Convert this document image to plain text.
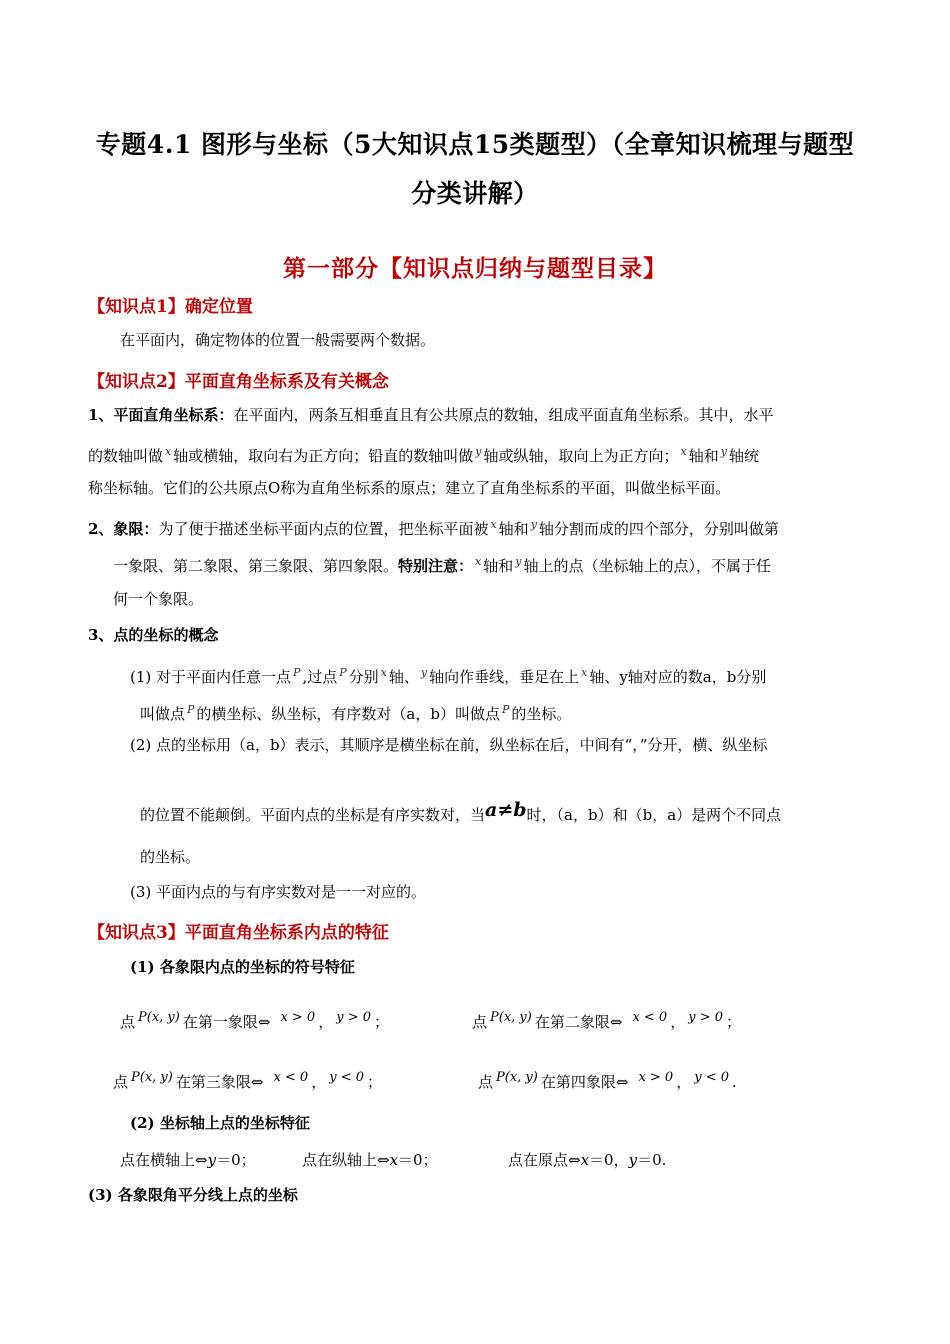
专题4.1 图形与坐标（5大知识点15类题型）（全章知识梳理与题型
分类讲解）
第一部分【知识点归纳与题型目录】
【知识点1】确定位置
在平面内，确定物体的位置一般需要两个数据。
【知识点2】平面直角坐标系及有关概念
1、平面直角坐标系：在平面内，两条互相垂直且有公共原点的数轴，组成平面直角坐标系。其中，水平
的数轴叫做 $^x$ 轴或横轴，取向右为正方向；铅直的数轴叫做 $^y$ 轴或纵轴，取向上为正方向； $^x$ 轴和 $^y$ 轴统
称坐标轴。它们的公共原点O称为直角坐标系的原点；建立了直角坐标系的平面，叫做坐标平面。
2、象限：为了便于描述坐标平面内点的位置，把坐标平面被 $^x$ 轴和 $^y$ 轴分割而成的四个部分，分别叫做第
一象限、第二象限、第三象限、第四象限。特别注意： $^x$ 轴和 $^y$ 轴上的点（坐标轴上的点），不属于任
何一个象限。
3、点的坐标的概念
(1) 对于平面内任意一点 $^P$ ,过点 $^P$ 分别 $^x$ 轴、 $^y$ 轴向作垂线，垂足在上 $^x$ 轴、y轴对应的数a，b分别
叫做点 $^P$ 的横坐标、纵坐标，有序数对（a，b）叫做点 $^P$ 的坐标。
(2) 点的坐标用（a，b）表示，其顺序是横坐标在前，纵坐标在后，中间有“，”分开，横、纵坐标
的位置不能颠倒。平面内点的坐标是有序实数对，当a≠b时，（a，b）和（b，a）是两个不同点
的坐标。
(3) 平面内点的与有序实数对是一一对应的。
【知识点3】平面直角坐标系内点的特征
(1) 各象限内点的坐标的符号特征
点 P(x, y) 在第一象限⇔ x > 0 ， y > 0 ；	点 P(x, y) 在第二象限⇔ x < 0 ， y > 0 ；
点 P(x, y) 在第三象限⇔ x < 0 ， y < 0 ；	点 P(x, y) 在第四象限⇔ x > 0 ， y < 0 .
(2) 坐标轴上点的坐标特征
点在横轴上⇔y＝0；	点在纵轴上⇔x＝0；	点在原点⇔x＝0，y＝0.
(3) 各象限角平分线上点的坐标
